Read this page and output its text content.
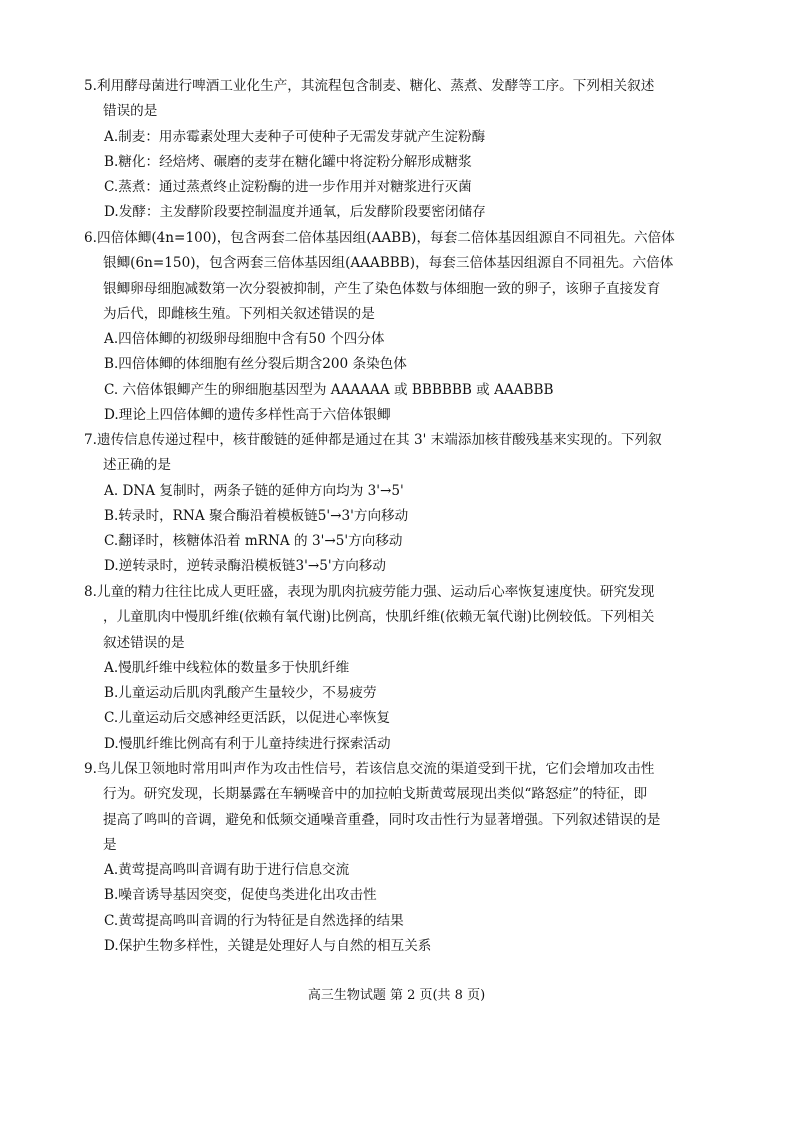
5.利用酵母菌进行啤酒工业化生产，其流程包含制麦、糖化、蒸煮、发酵等工序。下列相关叙述
错误的是
A.制麦：用赤霉素处理大麦种子可使种子无需发芽就产生淀粉酶
B.糖化：经焙烤、碾磨的麦芽在糖化罐中将淀粉分解形成糖浆
C.蒸煮：通过蒸煮终止淀粉酶的进一步作用并对糖浆进行灭菌
D.发酵：主发酵阶段要控制温度并通氧，后发酵阶段要密闭储存
6.四倍体鲫(4n=100)，包含两套二倍体基因组(AABB)，每套二倍体基因组源自不同祖先。六倍体
银鲫(6n=150)，包含两套三倍体基因组(AAABBB)，每套三倍体基因组源自不同祖先。六倍体
银鲫卵母细胞减数第一次分裂被抑制，产生了染色体数与体细胞一致的卵子，该卵子直接发育
为后代，即雌核生殖。下列相关叙述错误的是
A.四倍体鲫的初级卵母细胞中含有50 个四分体
B.四倍体鲫的体细胞有丝分裂后期含200 条染色体
C. 六倍体银鲫产生的卵细胞基因型为 AAAAAA 或 BBBBBB 或 AAABBB
D.理论上四倍体鲫的遗传多样性高于六倍体银鲫
7.遗传信息传递过程中，核苷酸链的延伸都是通过在其 3' 末端添加核苷酸残基来实现的。下列叙
述正确的是
A. DNA 复制时，两条子链的延伸方向均为 3'→5'
B.转录时，RNA 聚合酶沿着模板链5'→3'方向移动
C.翻译时，核糖体沿着 mRNA 的 3'→5'方向移动
D.逆转录时，逆转录酶沿模板链3'→5'方向移动
8.儿童的精力往往比成人更旺盛，表现为肌肉抗疲劳能力强、运动后心率恢复速度快。研究发现
，儿童肌肉中慢肌纤维(依赖有氧代谢)比例高，快肌纤维(依赖无氧代谢)比例较低。下列相关
叙述错误的是
A.慢肌纤维中线粒体的数量多于快肌纤维
B.儿童运动后肌肉乳酸产生量较少，不易疲劳
C.儿童运动后交感神经更活跃，以促进心率恢复
D.慢肌纤维比例高有利于儿童持续进行探索活动
9.鸟儿保卫领地时常用叫声作为攻击性信号，若该信息交流的渠道受到干扰，它们会增加攻击性
行为。研究发现，长期暴露在车辆噪音中的加拉帕戈斯黄莺展现出类似“路怒症”的特征，即
提高了鸣叫的音调，避免和低频交通噪音重叠，同时攻击性行为显著增强。下列叙述错误的是
是
A.黄莺提高鸣叫音调有助于进行信息交流
B.噪音诱导基因突变，促使鸟类进化出攻击性
C.黄莺提高鸣叫音调的行为特征是自然选择的结果
D.保护生物多样性，关键是处理好人与自然的相互关系
高三生物试题 第 2 页(共 8 页)
